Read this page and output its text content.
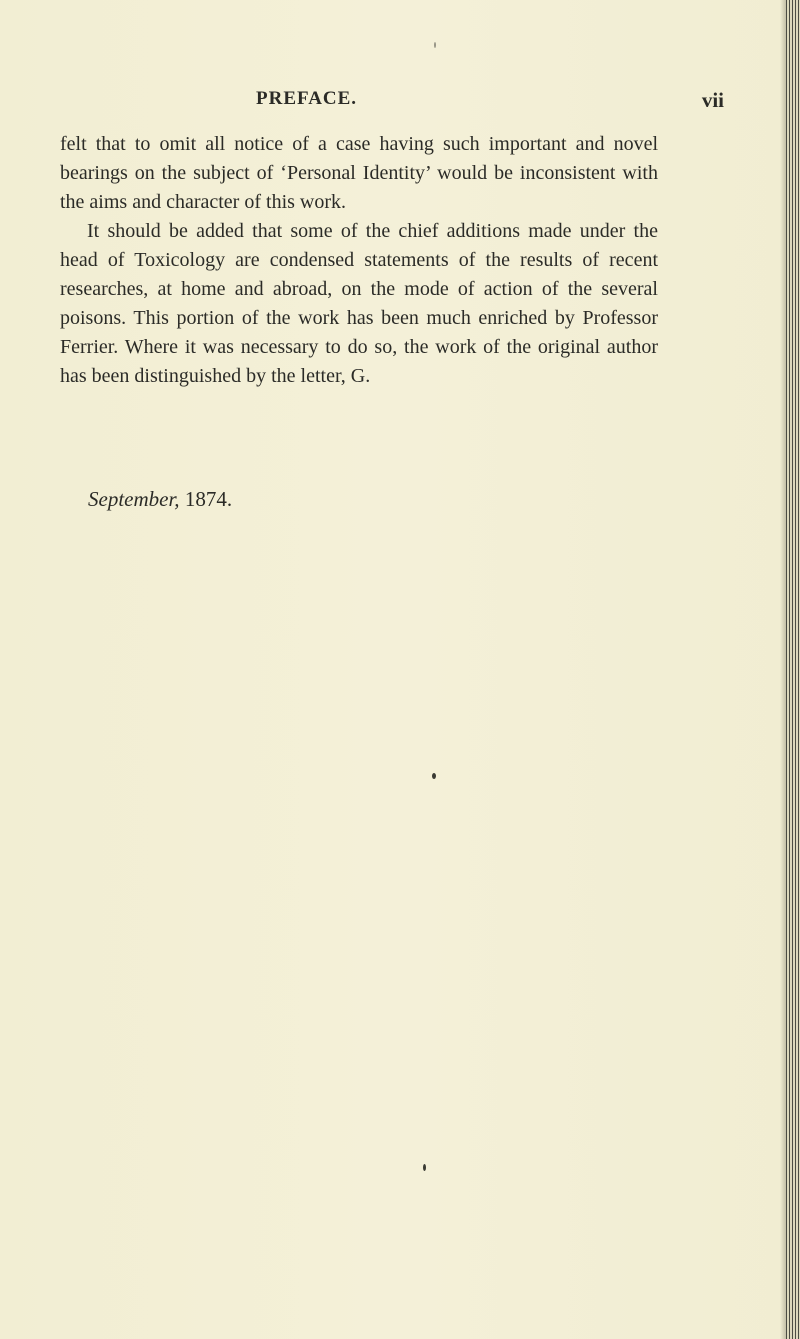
PREFACE.	vii

felt that to omit all notice of a case having such important and novel bearings on the subject of ‘Personal Identity’ would be inconsistent with the aims and character of this work.

It should be added that some of the chief additions made under the head of Toxicology are condensed statements of the results of recent researches, at home and abroad, on the mode of action of the several poisons. This portion of the work has been much enriched by Professor Ferrier. Where it was necessary to do so, the work of the original author has been distinguished by the letter, G.

September, 1874.
